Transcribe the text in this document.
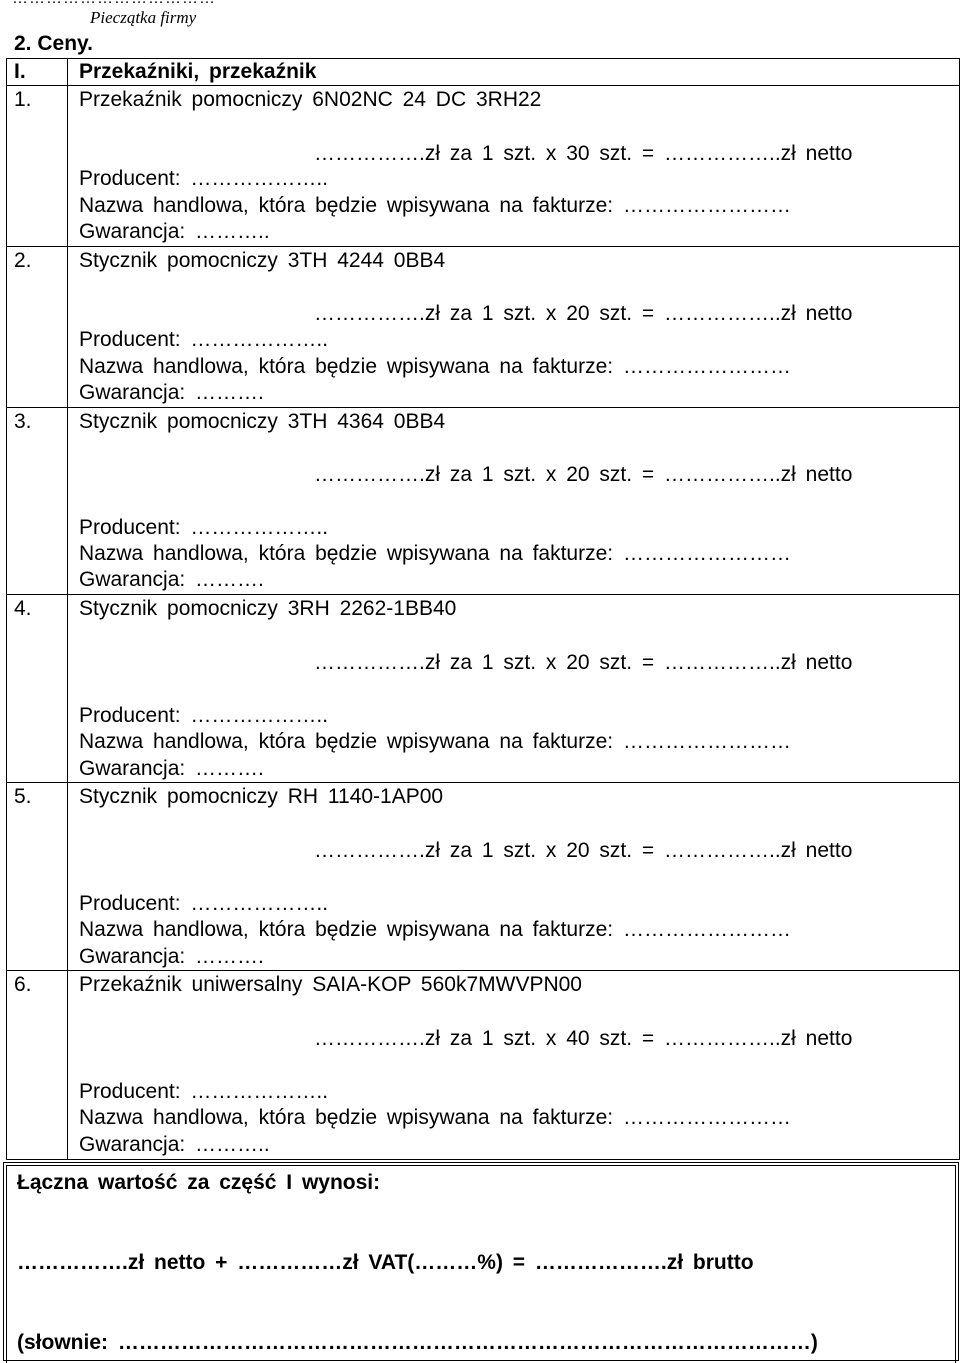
Pieczątka firmy
2. Ceny.
I.	Przekaźniki, przekaźnik
1. Przekaźnik pomocniczy 6N02NC 24 DC 3RH22
…………….zł za 1 szt. x 30 szt. = ……………..zł netto
Producent: ………………..
Nazwa handlowa, która będzie wpisywana na fakturze: ……………………
Gwarancja: ………..
2. Stycznik pomocniczy 3TH 4244 0BB4
…………….zł za 1 szt. x 20 szt. = ……………..zł netto
Producent: ………………..
Nazwa handlowa, która będzie wpisywana na fakturze: ……………………
Gwarancja: ……….
3. Stycznik pomocniczy 3TH 4364 0BB4
…………….zł za 1 szt. x 20 szt. = ……………..zł netto
Producent: ………………..
Nazwa handlowa, która będzie wpisywana na fakturze: ……………………
Gwarancja: ……….
4. Stycznik pomocniczy 3RH 2262-1BB40
…………….zł za 1 szt. x 20 szt. = ……………..zł netto
Producent: ………………..
Nazwa handlowa, która będzie wpisywana na fakturze: ……………………
Gwarancja: ……….
5. Stycznik pomocniczy RH 1140-1AP00
…………….zł za 1 szt. x 20 szt. = ……………..zł netto
Producent: ………………..
Nazwa handlowa, która będzie wpisywana na fakturze: ……………………
Gwarancja: ……….
6. Przekaźnik uniwersalny SAIA-KOP 560k7MWVPN00
…………….zł za 1 szt. x 40 szt. = ……………..zł netto
Producent: ………………..
Nazwa handlowa, która będzie wpisywana na fakturze: ……………………
Gwarancja: ………..
Łączna wartość za część I wynosi:
…………….zł netto + ……………zł VAT(………%) = ……………….zł brutto
(słownie: ………………………………………………………………………………………)
